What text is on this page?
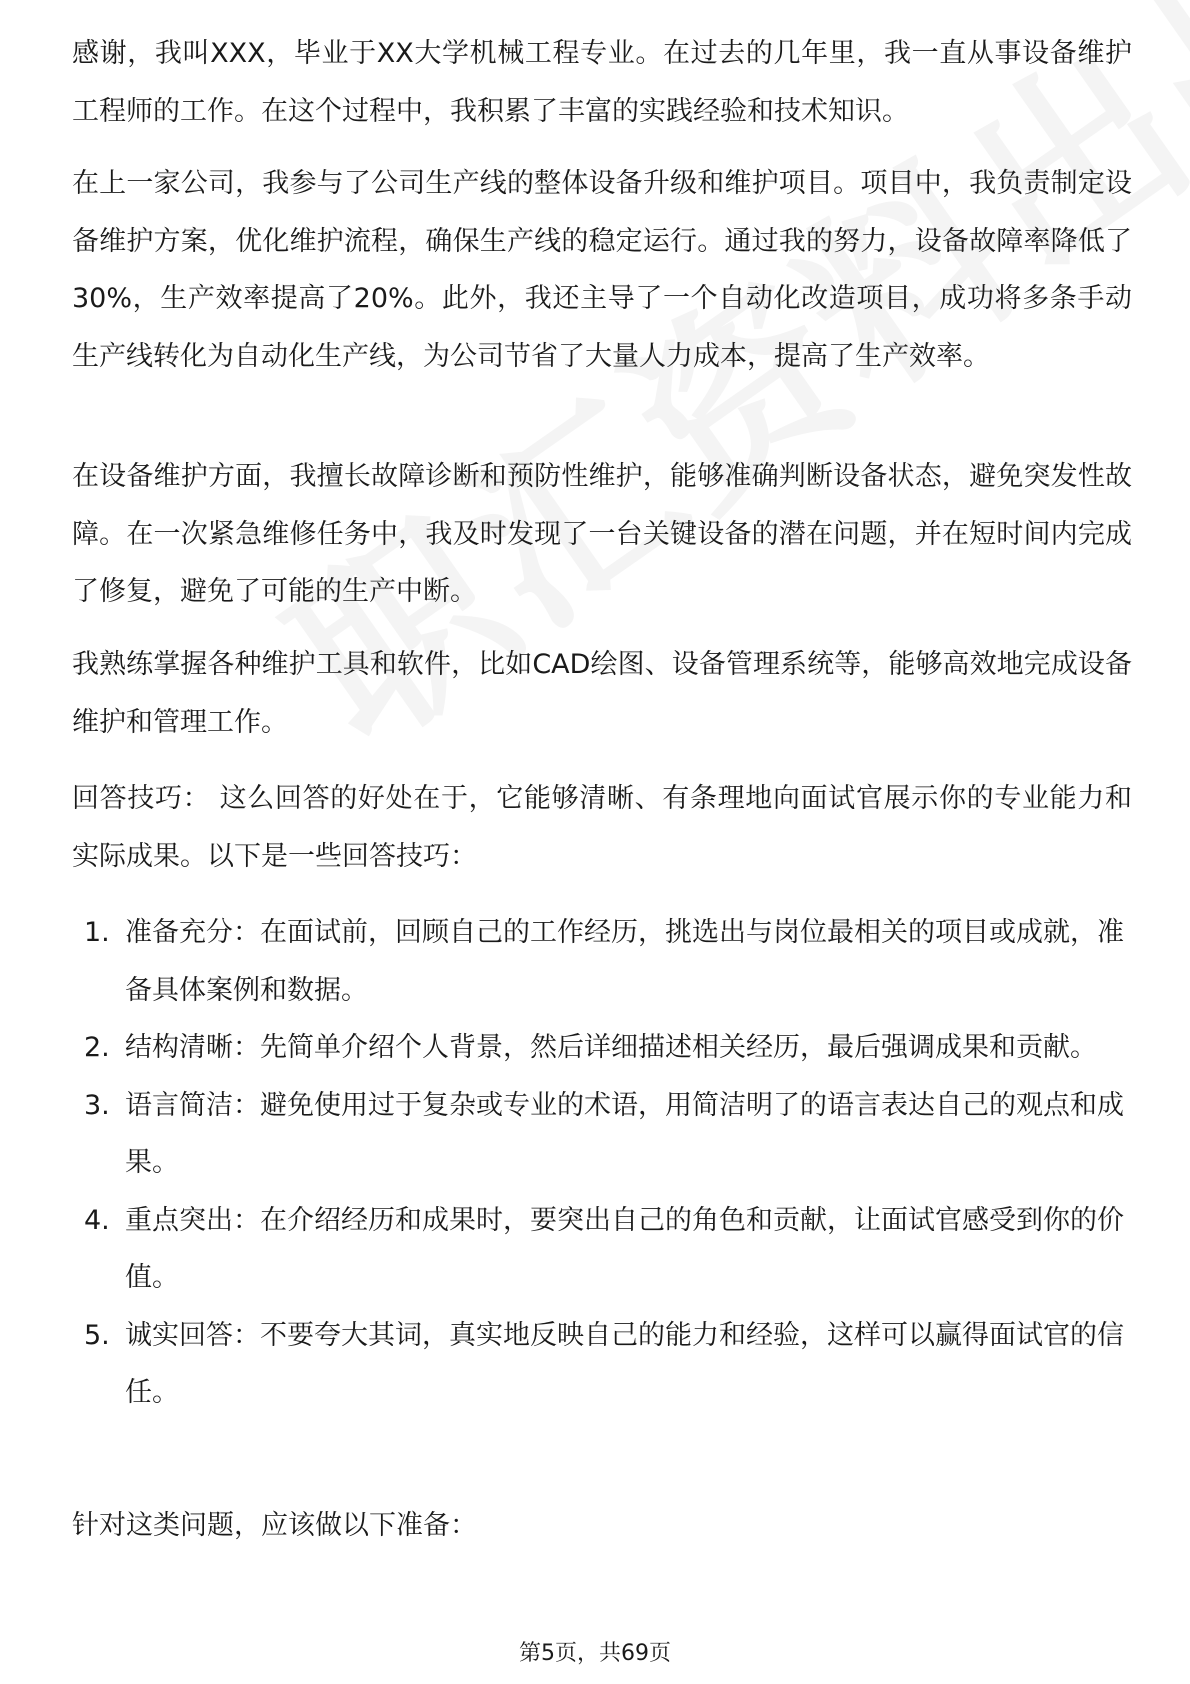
感谢，我叫XXX，毕业于XX大学机械工程专业。在过去的几年里，我一直从事设备维护工程师的工作。在这个过程中，我积累了丰富的实践经验和技术知识。

在上一家公司，我参与了公司生产线的整体设备升级和维护项目。项目中，我负责制定设备维护方案，优化维护流程，确保生产线的稳定运行。通过我的努力，设备故障率降低了30%，生产效率提高了20%。此外，我还主导了一个自动化改造项目，成功将多条手动生产线转化为自动化生产线，为公司节省了大量人力成本，提高了生产效率。

在设备维护方面，我擅长故障诊断和预防性维护，能够准确判断设备状态，避免突发性故障。在一次紧急维修任务中，我及时发现了一台关键设备的潜在问题，并在短时间内完成了修复，避免了可能的生产中断。

我熟练掌握各种维护工具和软件，比如CAD绘图、设备管理系统等，能够高效地完成设备维护和管理工作。

回答技巧： 这么回答的好处在于，它能够清晰、有条理地向面试官展示你的专业能力和实际成果。以下是一些回答技巧：

1. 准备充分：在面试前，回顾自己的工作经历，挑选出与岗位最相关的项目或成就，准备具体案例和数据。
2. 结构清晰：先简单介绍个人背景，然后详细描述相关经历，最后强调成果和贡献。
3. 语言简洁：避免使用过于复杂或专业的术语，用简洁明了的语言表达自己的观点和成果。
4. 重点突出：在介绍经历和成果时，要突出自己的角色和贡献，让面试官感受到你的价值。
5. 诚实回答：不要夸大其词，真实地反映自己的能力和经验，这样可以赢得面试官的信任。

针对这类问题，应该做以下准备：

第5页，共69页
